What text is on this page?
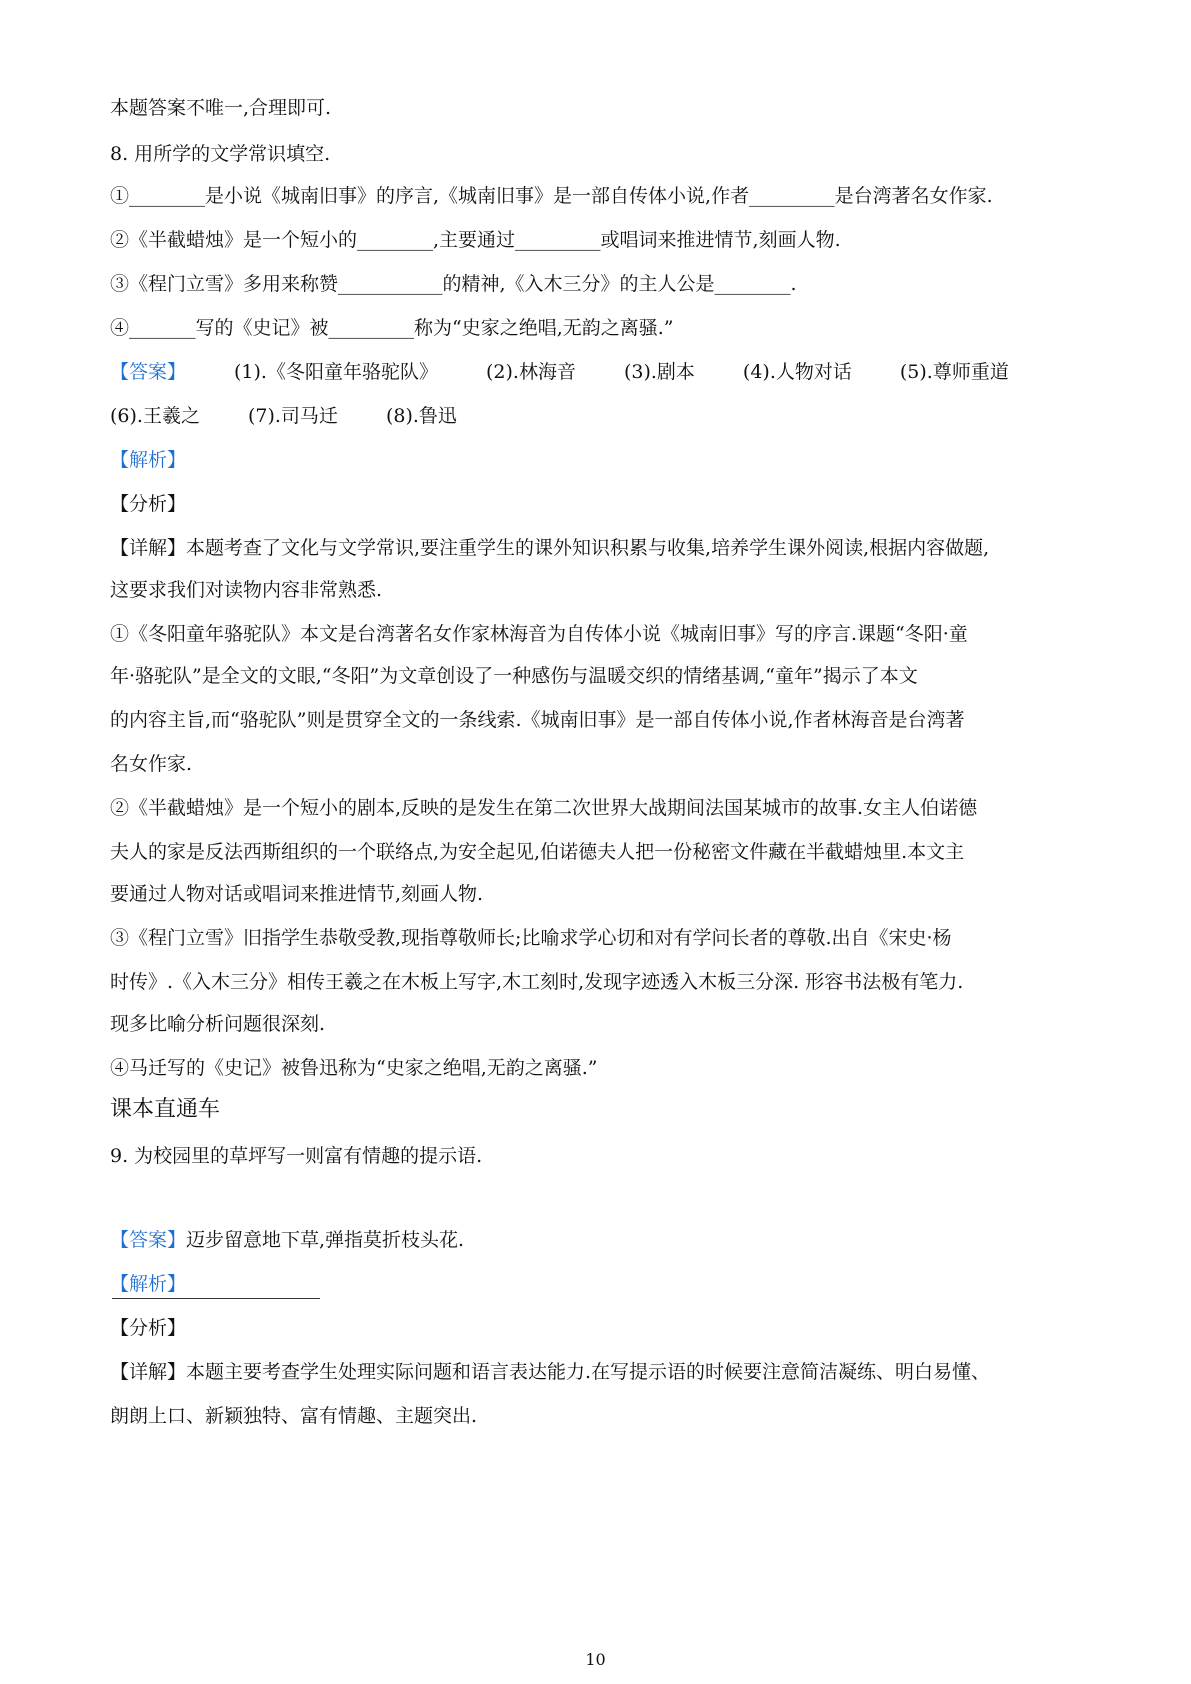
本题答案不唯一,合理即可.
8. 用所学的文学常识填空.
①________是小说《城南旧事》的序言,《城南旧事》是一部自传体小说,作者_________是台湾著名女作家.
②《半截蜡烛》是一个短小的________,主要通过_________或唱词来推进情节,刻画人物.
③《程门立雪》多用来称赞___________的精神,《入木三分》的主人公是________.
④_______写的《史记》被_________称为“史家之绝唱,无韵之离骚.”
【答案】	(1).《冬阳童年骆驼队》	(2).林海音	(3).剧本	(4).人物对话	(5).尊师重道
(6).王羲之	(7).司马迁	(8).鲁迅
【解析】
【分析】
【详解】本题考查了文化与文学常识,要注重学生的课外知识积累与收集,培养学生课外阅读,根据内容做题,
这要求我们对读物内容非常熟悉.
①《冬阳童年骆驼队》本文是台湾著名女作家林海音为自传体小说《城南旧事》写的序言.课题“冬阳·童
年·骆驼队”是全文的文眼,“冬阳”为文章创设了一种感伤与温暖交织的情绪基调,“童年”揭示了本文
的内容主旨,而“骆驼队”则是贯穿全文的一条线索.《城南旧事》是一部自传体小说,作者林海音是台湾著
名女作家.
②《半截蜡烛》是一个短小的剧本,反映的是发生在第二次世界大战期间法国某城市的故事.女主人伯诺德
夫人的家是反法西斯组织的一个联络点,为安全起见,伯诺德夫人把一份秘密文件藏在半截蜡烛里.本文主
要通过人物对话或唱词来推进情节,刻画人物.
③《程门立雪》旧指学生恭敬受教,现指尊敬师长;比喻求学心切和对有学问长者的尊敬.出自《宋史·杨
时传》.《入木三分》相传王羲之在木板上写字,木工刻时,发现字迹透入木板三分深. 形容书法极有笔力.
现多比喻分析问题很深刻.
④马迁写的《史记》被鲁迅称为“史家之绝唱,无韵之离骚.”
课本直通车
9. 为校园里的草坪写一则富有情趣的提示语.
【答案】迈步留意地下草,弹指莫折枝头花.
【解析】
【分析】
【详解】本题主要考查学生处理实际问题和语言表达能力.在写提示语的时候要注意简洁凝练、明白易懂、
朗朗上口、新颖独特、富有情趣、主题突出.
10
